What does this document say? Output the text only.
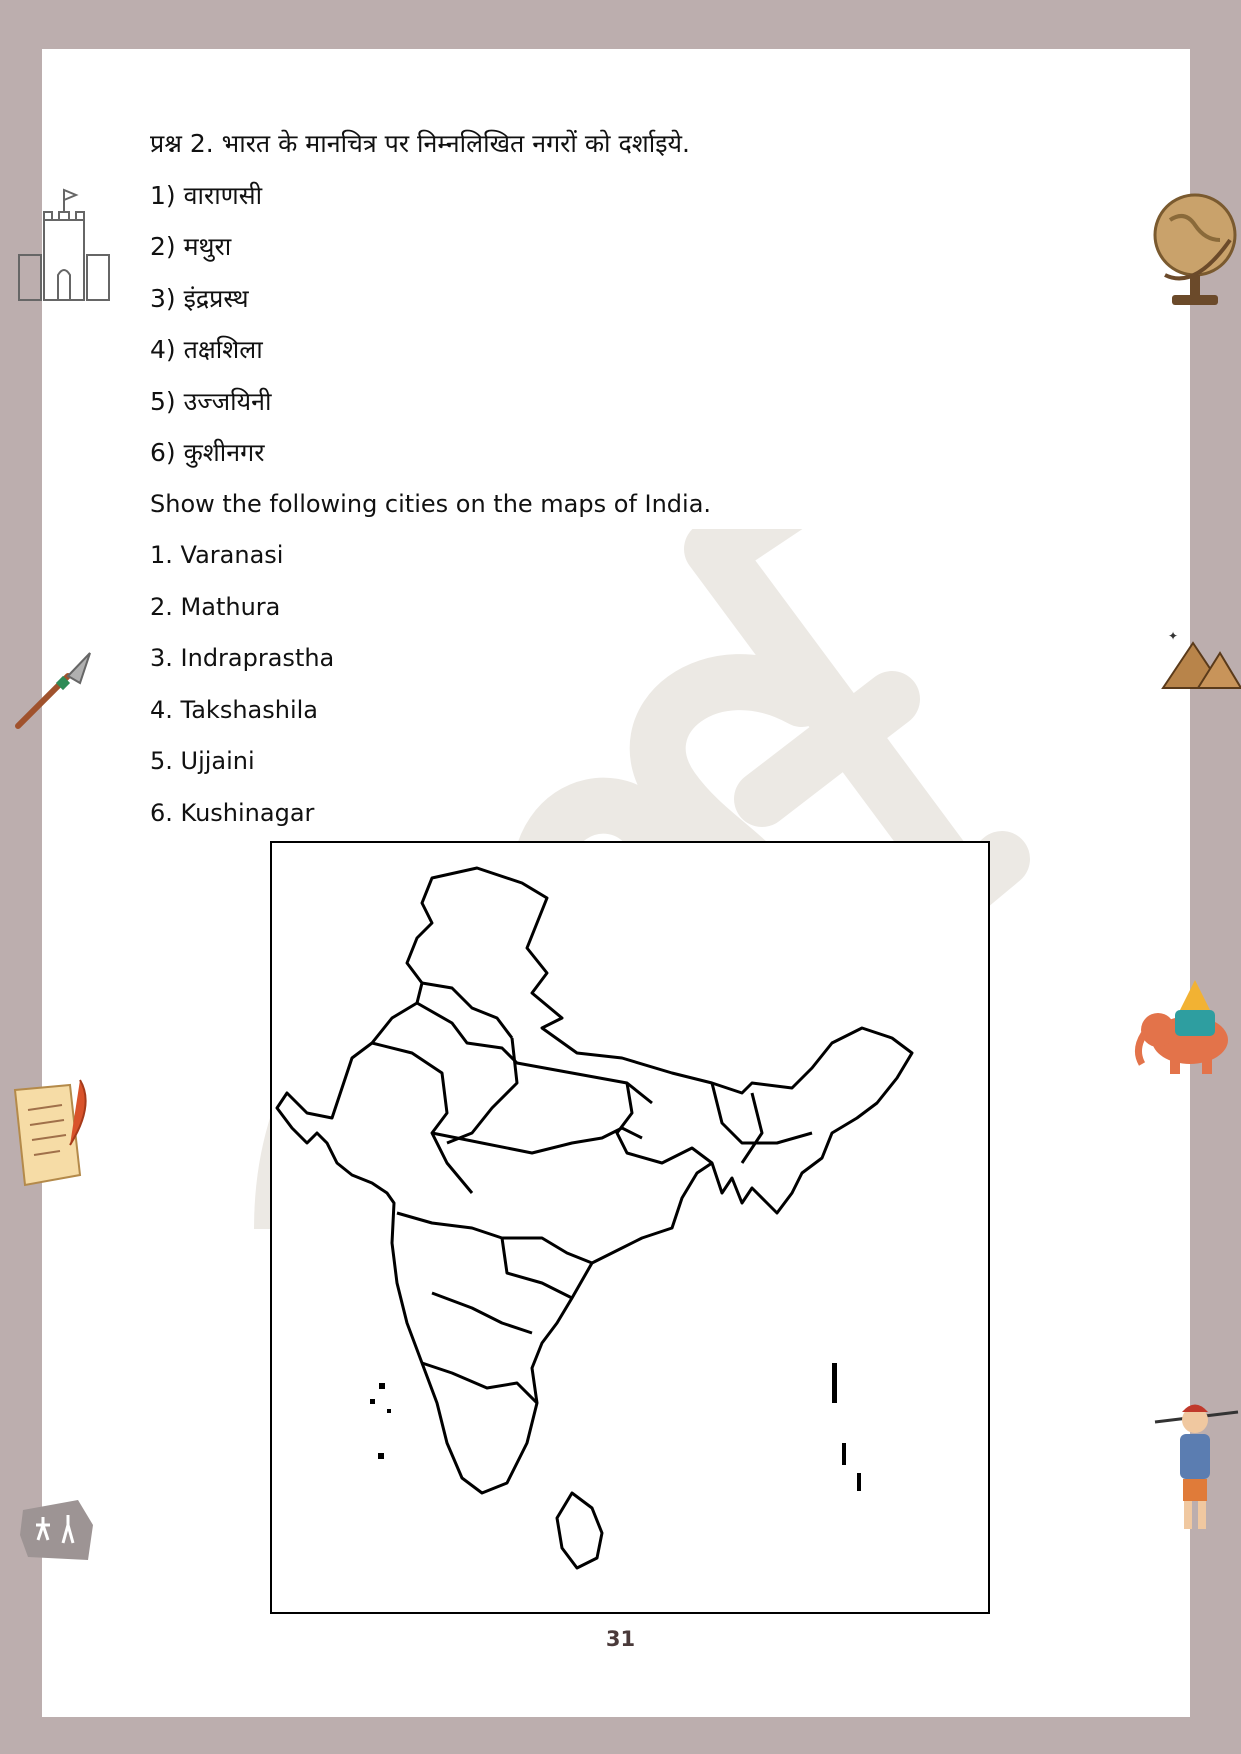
प्रश्न 2. भारत के मानचित्र पर निम्नलिखित नगरों को दर्शाइये.
1) वाराणसी
2) मथुरा
3) इंद्रप्रस्थ
4) तक्षशिला
5) उज्जयिनी
6) कुशीनगर
Show the following cities on the maps of India.
1. Varanasi
2. Mathura
3. Indraprastha
4. Takshashila
5. Ujjaini
6. Kushinagar
31
✦
